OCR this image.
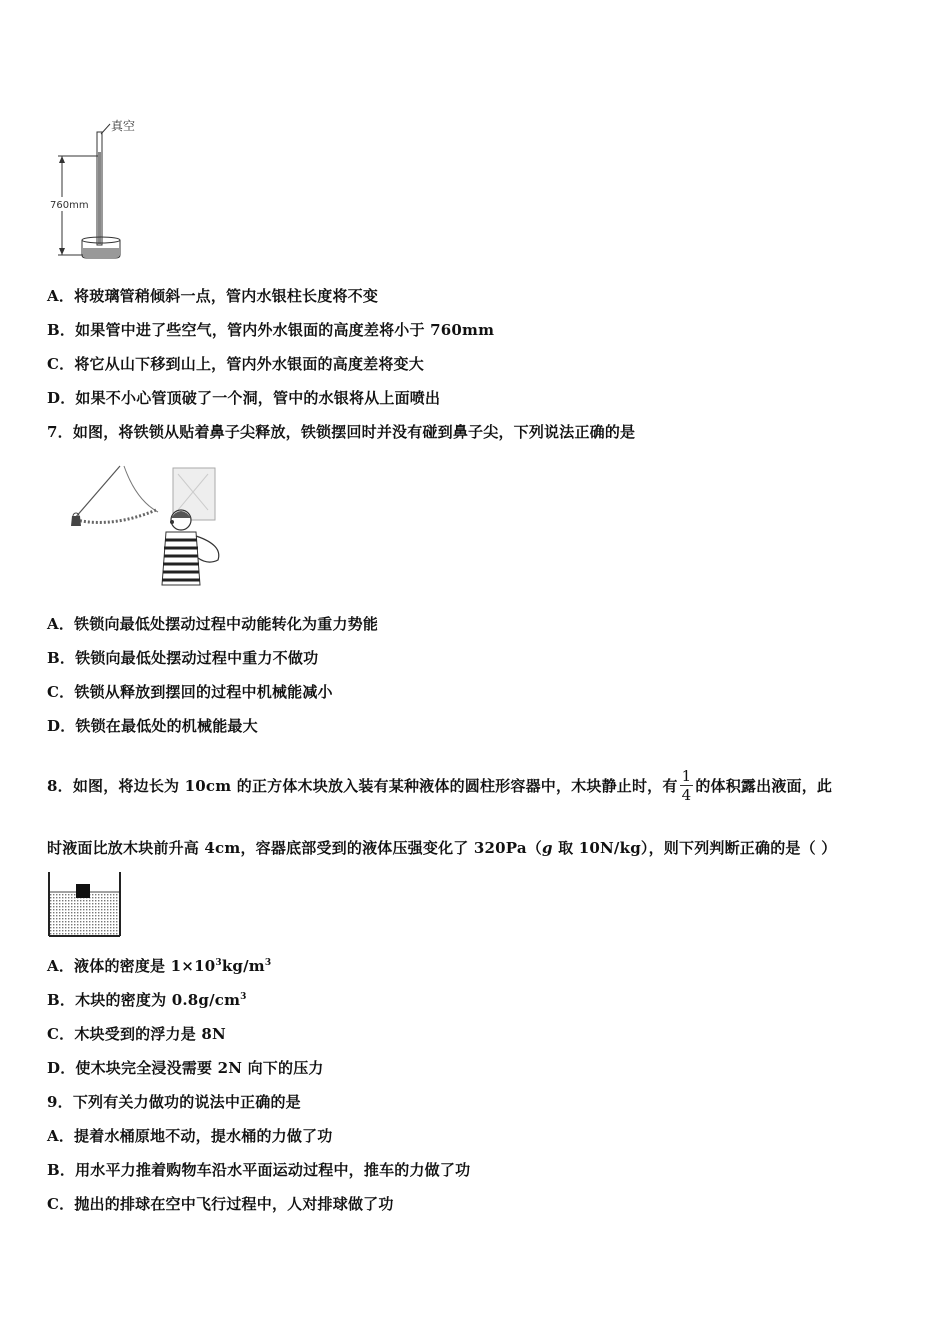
760mm
真空
A．将玻璃管稍倾斜一点，管内水银柱长度将不变
B．如果管中进了些空气，管内外水银面的高度差将小于 760mm
C．将它从山下移到山上，管内外水银面的高度差将变大
D．如果不小心管顶破了一个洞，管中的水银将从上面喷出
7．如图，将铁锁从贴着鼻子尖释放，铁锁摆回时并没有碰到鼻子尖，下列说法正确的是
A．铁锁向最低处摆动过程中动能转化为重力势能
B．铁锁向最低处摆动过程中重力不做功
C．铁锁从释放到摆回的过程中机械能减小
D．铁锁在最低处的机械能最大
8．如图，将边长为 10cm 的正方体木块放入装有某种液体的圆柱形容器中，木块静止时，有 $\frac{1}{4}$ 的体积露出液面，此
时液面比放木块前升高 4cm，容器底部受到的液体压强变化了 320Pa（g 取 10N/kg），则下列判断正确的是（ ）
A．液体的密度是 $1\times 10^3kg/m^3$
B．木块的密度为 $0.8g/cm^3$
C．木块受到的浮力是 8N
D．使木块完全浸没需要 2N 向下的压力
9．下列有关力做功的说法中正确的是
A．提着水桶原地不动，提水桶的力做了功
B．用水平力推着购物车沿水平面运动过程中，推车的力做了功
C．抛出的排球在空中飞行过程中，人对排球做了功
